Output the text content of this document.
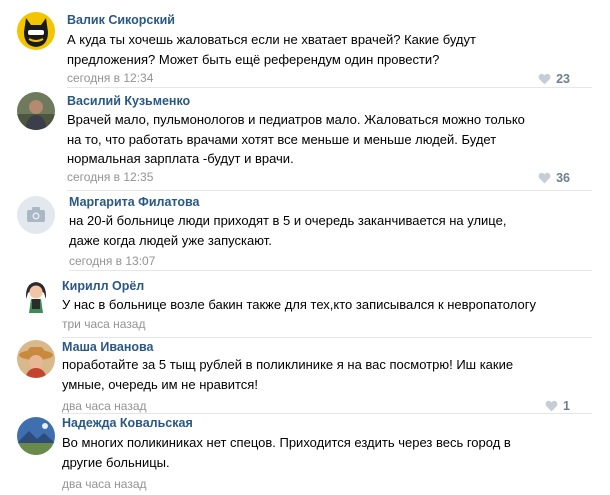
Валик Сикорский
А куда ты хочешь жаловаться если не хватает врачей? Какие будут
предложения? Может быть ещё референдум один провести?
сегодня в 12:34	23
Василий Кузьменко
Врачей мало, пульмонологов и педиатров мало. Жаловаться можно только
на то, что работать врачами хотят все меньше и меньше людей. Будет
нормальная зарплата -будут и врачи.
сегодня в 12:35	36
Маргарита Филатова
на 20-й больнице люди приходят в 5 и очередь заканчивается на улице,
даже когда людей уже запускают.
сегодня в 13:07
Кирилл Орёл
У нас в больнице возле бакин также для тех,кто записывался к невропатологу
три часа назад
Маша Иванова
поработайте за 5 тыщ рублей в поликлинике я на вас посмотрю! Иш какие
умные, очередь им не нравится!
два часа назад	1
Надежда Ковальская
Во многих поликиниках нет спецов. Приходится ездить через весь город в
другие больницы.
два часа назад
